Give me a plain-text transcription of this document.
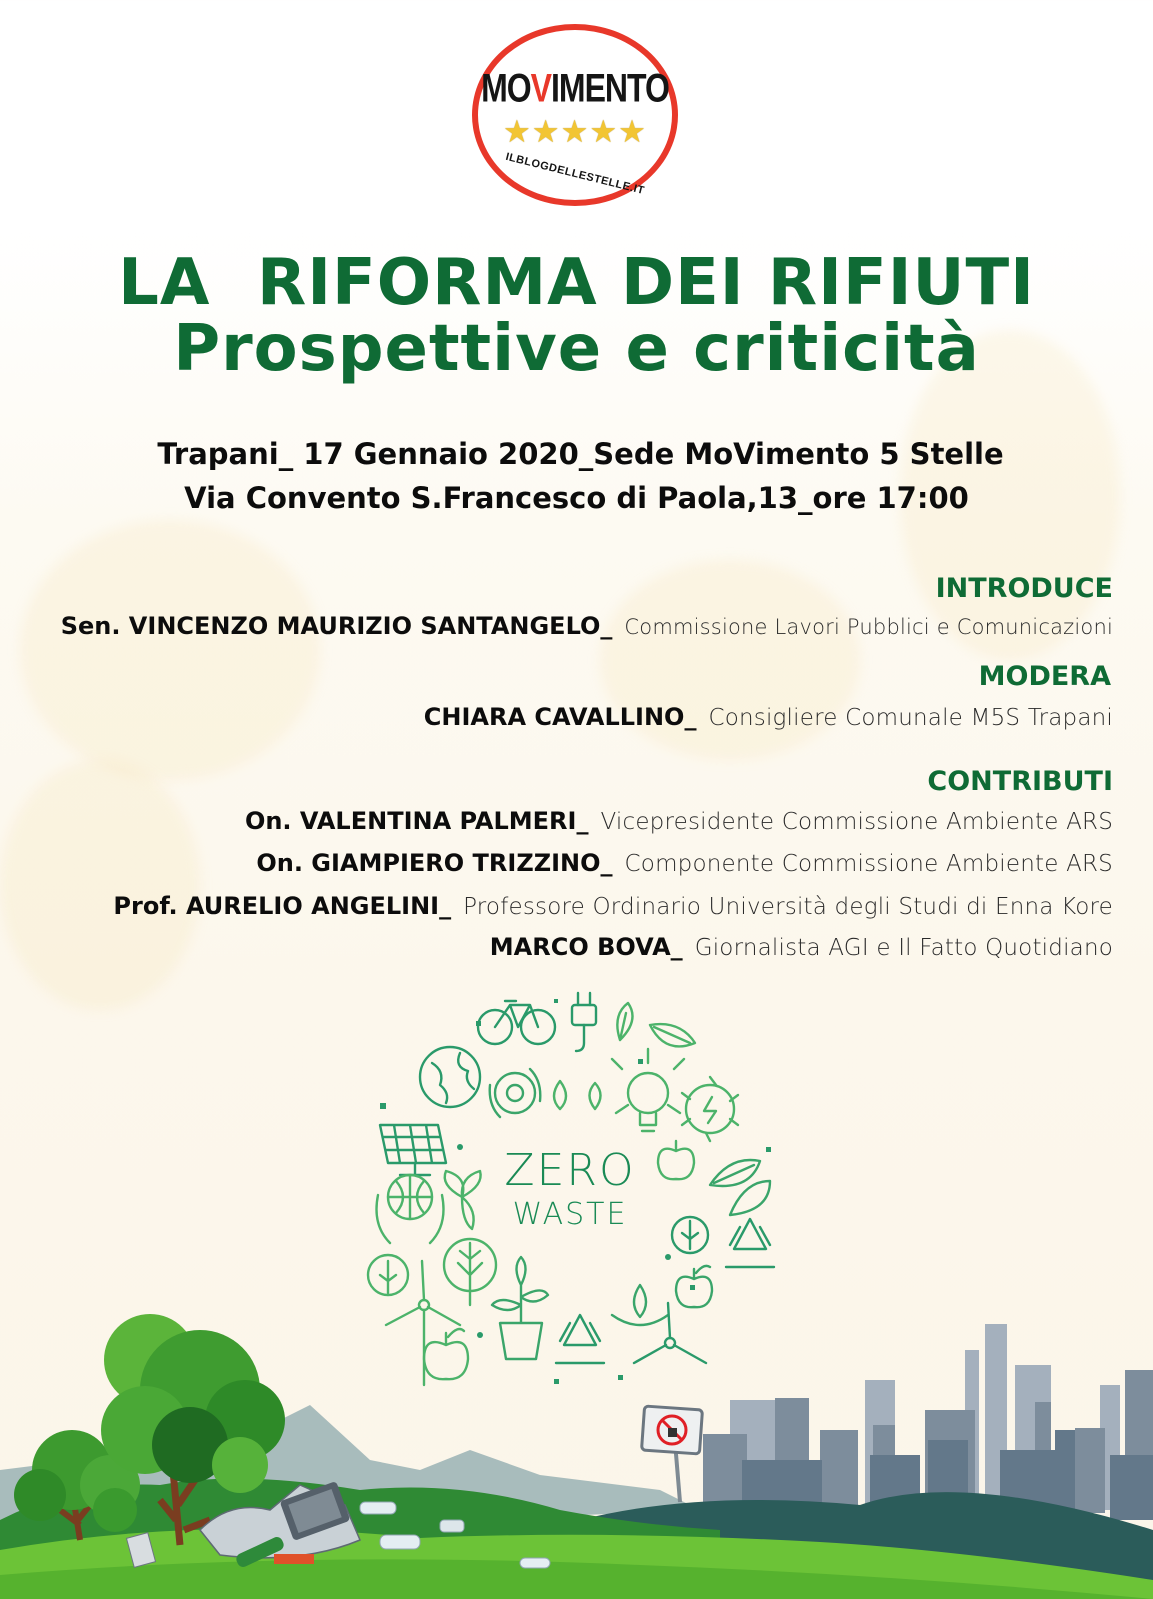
MOVIMENTO
★★★★★
ILBLOGDELLESTELLE.IT
LA  RIFORMA DEI RIFIUTI
Prospettive e criticità
Trapani_ 17 Gennaio 2020_Sede MoVimento 5 Stelle
Via Convento S.Francesco di Paola,13_ore 17:00
INTRODUCE
Sen. VINCENZO MAURIZIO SANTANGELO_ Commissione Lavori Pubblici e Comunicazioni
MODERA
CHIARA CAVALLINO_ Consigliere Comunale M5S Trapani
CONTRIBUTI
On. VALENTINA PALMERI_ Vicepresidente Commissione Ambiente ARS
On. GIAMPIERO TRIZZINO_ Componente Commissione Ambiente ARS
Prof. AURELIO ANGELINI_ Professore Ordinario Università degli Studi di Enna Kore
MARCO BOVA_ Giornalista AGI e Il Fatto Quotidiano
ZERO
WASTE
